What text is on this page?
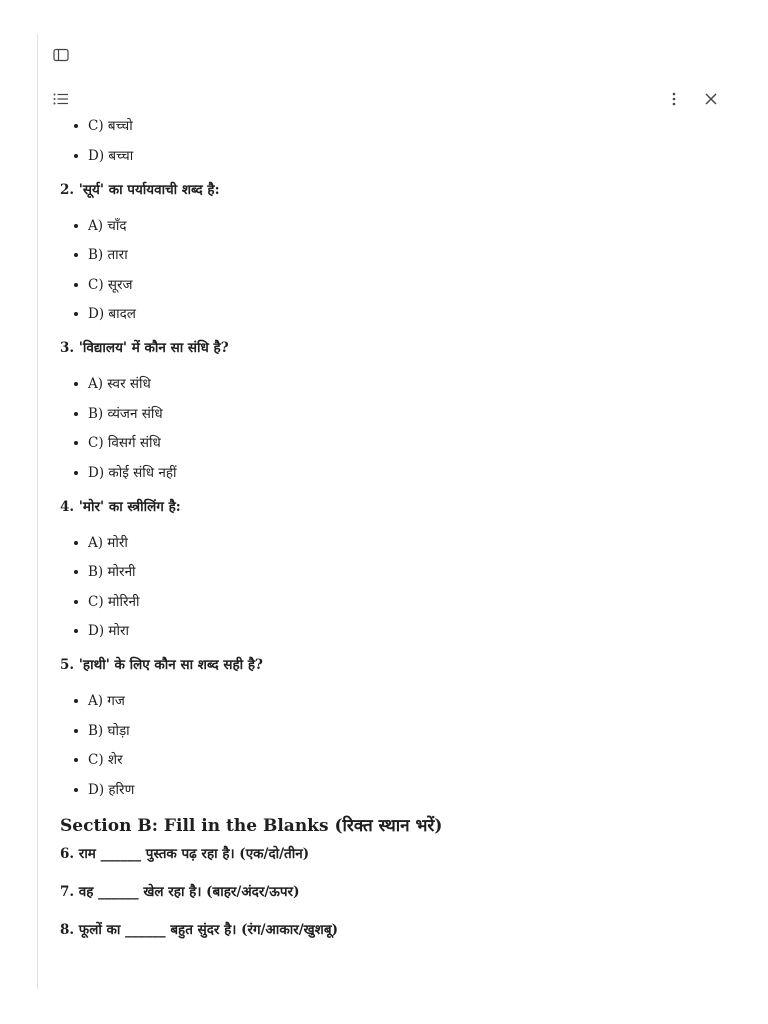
C) बच्चो
D) बच्चा
2. 'सूर्य' का पर्यायवाची शब्द है:
A) चाँद
B) तारा
C) सूरज
D) बादल
3. 'विद्यालय' में कौन सा संधि है?
A) स्वर संधि
B) व्यंजन संधि
C) विसर्ग संधि
D) कोई संधि नहीं
4. 'मोर' का स्त्रीलिंग है:
A) मोरी
B) मोरनी
C) मोरिनी
D) मोरा
5. 'हाथी' के लिए कौन सा शब्द सही है?
A) गज
B) घोड़ा
C) शेर
D) हरिण
Section B: Fill in the Blanks (रिक्त स्थान भरें)
6. राम ______ पुस्तक पढ़ रहा है। (एक/दो/तीन)
7. वह ______ खेल रहा है। (बाहर/अंदर/ऊपर)
8. फूलों का ______ बहुत सुंदर है। (रंग/आकार/खुशबू)
